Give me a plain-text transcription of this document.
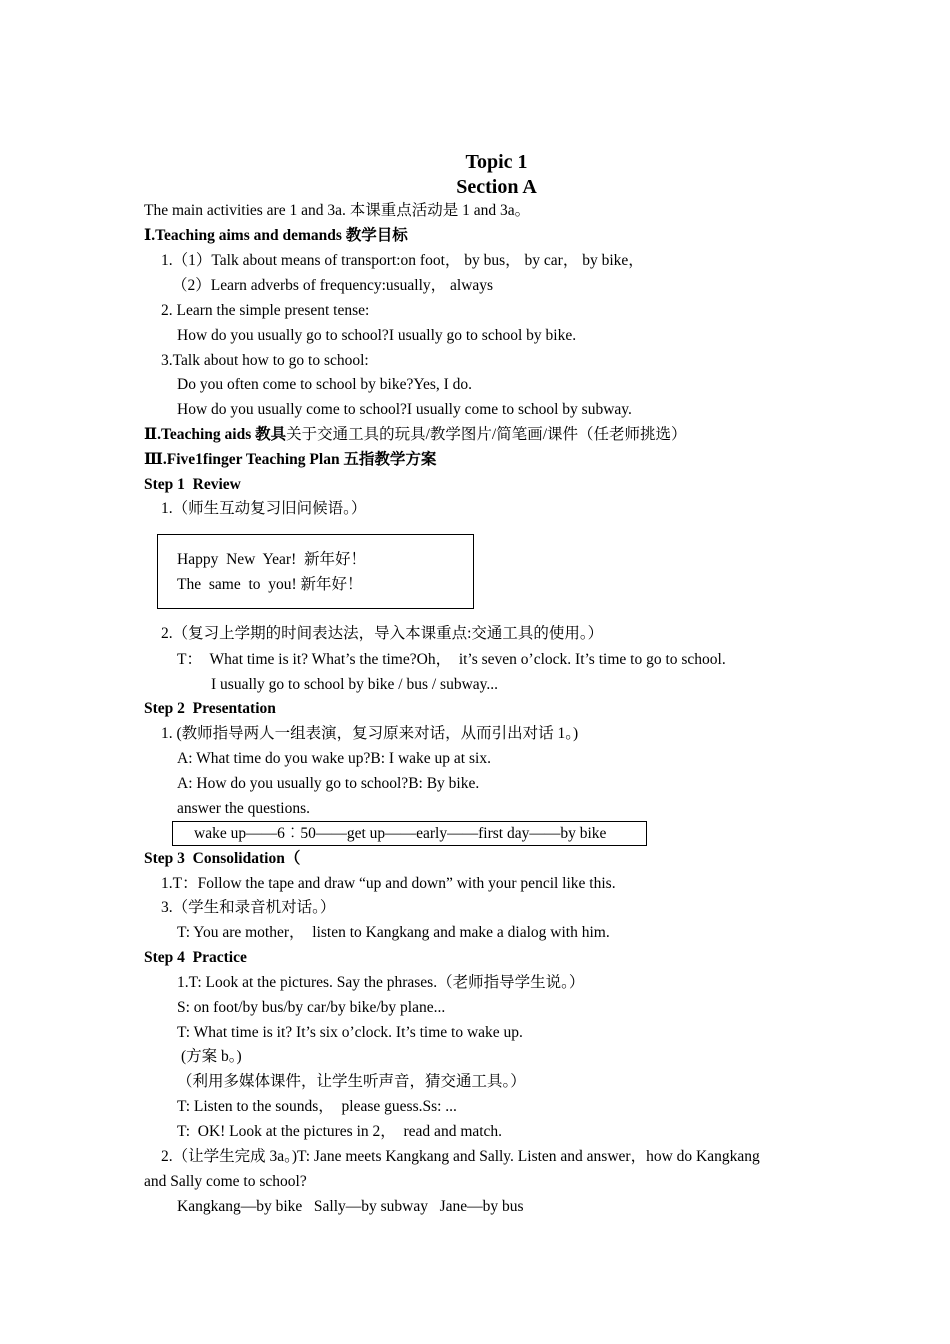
Topic 1
Section A
The main activities are 1 and 3a. 本课重点活动是 1 and 3a。
Ⅰ.Teaching aims and demands 教学目标
1.（1）Talk about means of transport:on foot， by bus， by car， by bike，
（2）Learn adverbs of frequency:usually， always
2. Learn the simple present tense:
How do you usually go to school?I usually go to school by bike.
3.Talk about how to go to school:
Do you often come to school by bike?Yes, I do.
How do you usually come to school?I usually come to school by subway.
Ⅱ.Teaching aids 教具关于交通工具的玩具/教学图片/简笔画/课件（任老师挑选）
Ⅲ.Five1finger Teaching Plan 五指教学方案
Step 1  Review
1.（师生互动复习旧问候语。）
Happy  New  Year!  新年好！
The  same  to  you! 新年好！
2.（复习上学期的时间表达法，导入本课重点:交通工具的使用。）
T：  What time is it? What’s the time?Oh，  it’s seven o’clock. It’s time to go to school.
I usually go to school by bike / bus / subway...
Step 2  Presentation
1. (教师指导两人一组表演，复习原来对话，从而引出对话 1。)
A: What time do you wake up?B: I wake up at six.
A: How do you usually go to school?B: By bike.
answer the questions.
wake up——6︰50——get up——early——first day——by bike
Step 3  Consolidation（
1.T：Follow the tape and draw “up and down” with your pencil like this.
3.（学生和录音机对话。）
T: You are mother，  listen to Kangkang and make a dialog with him.
Step 4  Practice
1.T: Look at the pictures. Say the phrases.（老师指导学生说。）
S: on foot/by bus/by car/by bike/by plane...
T: What time is it? It’s six o’clock. It’s time to wake up.
(方案 b。)
（利用多媒体课件，让学生听声音，猜交通工具。）
T: Listen to the sounds，  please guess.Ss: ...
T:  OK! Look at the pictures in 2，  read and match.
2.（让学生完成 3a。)T: Jane meets Kangkang and Sally. Listen and answer，how do Kangkang
and Sally come to school?
Kangkang—by bike   Sally—by subway   Jane—by bus
